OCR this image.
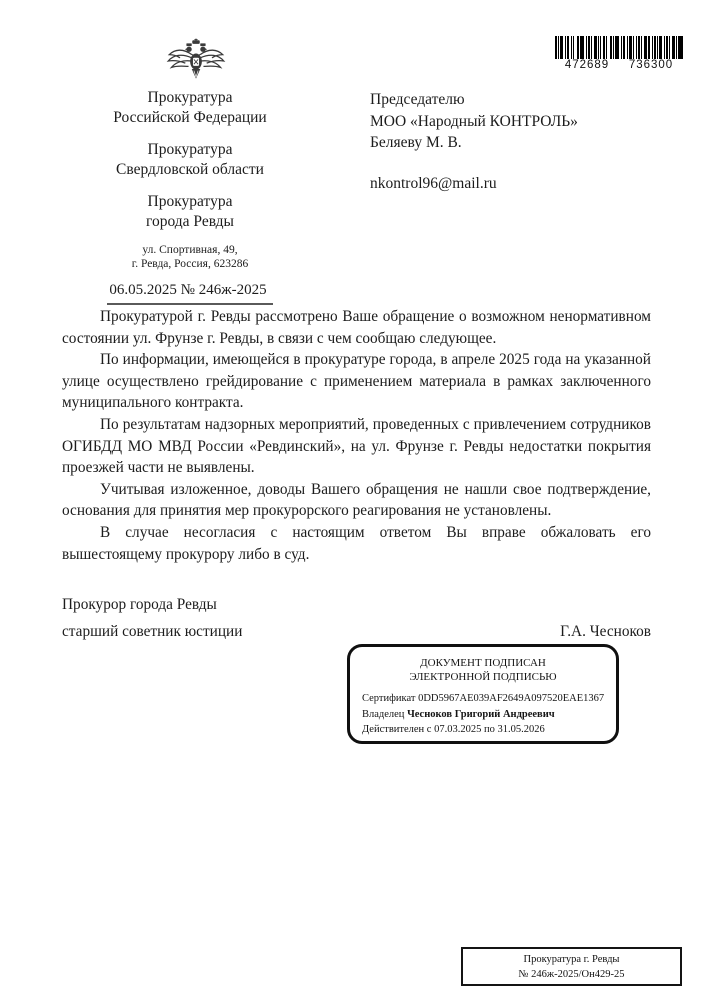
472689 736300
Прокуратура
Российской Федерации
Прокуратура
Свердловской области
Прокуратура
города Ревды
ул. Спортивная, 49,
г. Ревда, Россия, 623286
06.05.2025 № 246ж-2025
Председателю
МОО «Народный КОНТРОЛЬ»
Беляеву М. В.
nkontrol96@mail.ru

Прокуратурой г. Ревды рассмотрено Ваше обращение о возможном ненормативном состоянии ул. Фрунзе г. Ревды, в связи с чем сообщаю следующее.

По информации, имеющейся в прокуратуре города, в апреле 2025 года на указанной улице осуществлено грейдирование с применением материала в рамках заключенного муниципального контракта.

По результатам надзорных мероприятий, проведенных с привлечением сотрудников ОГИБДД МО МВД России «Ревдинский», на ул. Фрунзе г. Ревды недостатки покрытия проезжей части не выявлены.

Учитывая изложенное, доводы Вашего обращения не нашли свое подтверждение, основания для принятия мер прокурорского реагирования не установлены.

В случае несогласия с настоящим ответом Вы вправе обжаловать его вышестоящему прокурору либо в суд.

Прокурор города Ревды
старший советник юстиции	Г.А. Чесноков
ДОКУМЕНТ ПОДПИСАН
ЭЛЕКТРОННОЙ ПОДПИСЬЮ
Сертификат 0DD5967AE039AF2649A097520EAE1367
Владелец Чесноков Григорий Андреевич
Действителен с 07.03.2025 по 31.05.2026
Прокуратура г. Ревды
№ 246ж-2025/Он429-25
